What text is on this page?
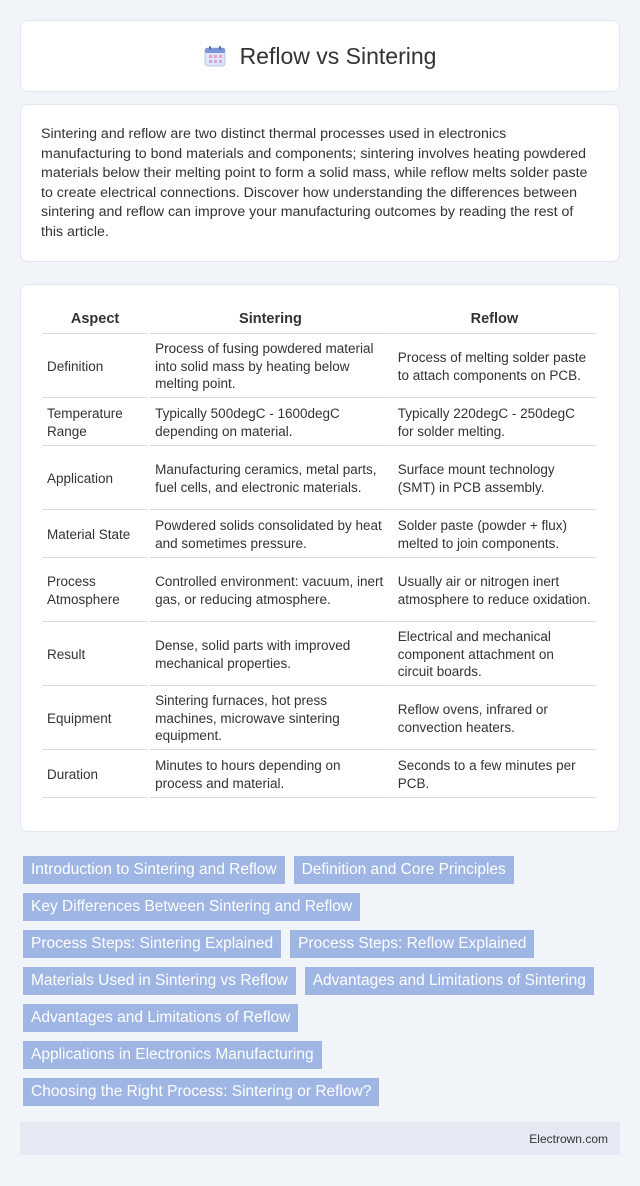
Reflow vs Sintering

Sintering and reflow are two distinct thermal processes used in electronics manufacturing to bond materials and components; sintering involves heating powdered materials below their melting point to form a solid mass, while reflow melts solder paste to create electrical connections. Discover how understanding the differences between sintering and reflow can improve your manufacturing outcomes by reading the rest of this article.

Aspect	Sintering	Reflow
Definition	Process of fusing powdered material into solid mass by heating below melting point.	Process of melting solder paste to attach components on PCB.
Temperature Range	Typically 500degC - 1600degC depending on material.	Typically 220degC - 250degC for solder melting.
Application	Manufacturing ceramics, metal parts, fuel cells, and electronic materials.	Surface mount technology (SMT) in PCB assembly.
Material State	Powdered solids consolidated by heat and sometimes pressure.	Solder paste (powder + flux) melted to join components.
Process Atmosphere	Controlled environment: vacuum, inert gas, or reducing atmosphere.	Usually air or nitrogen inert atmosphere to reduce oxidation.
Result	Dense, solid parts with improved mechanical properties.	Electrical and mechanical component attachment on circuit boards.
Equipment	Sintering furnaces, hot press machines, microwave sintering equipment.	Reflow ovens, infrared or convection heaters.
Duration	Minutes to hours depending on process and material.	Seconds to a few minutes per PCB.
Introduction to Sintering and Reflow	Definition and Core Principles
Key Differences Between Sintering and Reflow
Process Steps: Sintering Explained	Process Steps: Reflow Explained
Materials Used in Sintering vs Reflow	Advantages and Limitations of Sintering
Advantages and Limitations of Reflow
Applications in Electronics Manufacturing
Choosing the Right Process: Sintering or Reflow?
Electrown.com
